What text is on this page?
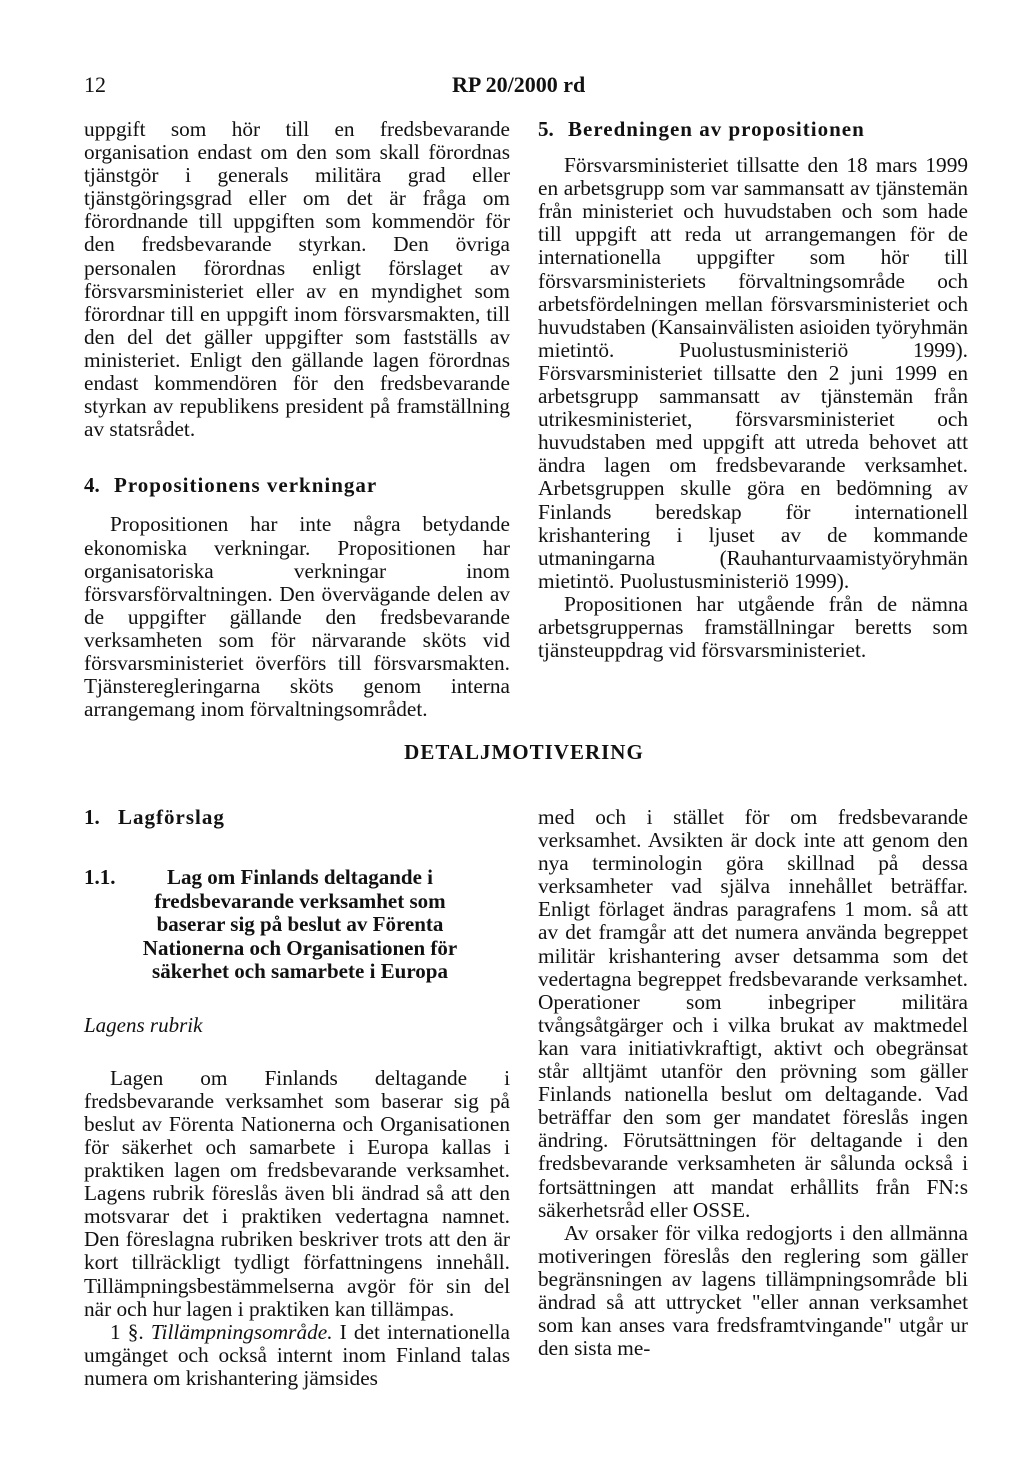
12	RP 20/2000 rd

uppgift som hör till en fredsbevarande organisation endast om den som skall förordnas tjänstgör i generals militära grad eller tjänstgöringsgrad eller om det är fråga om förordnande till uppgiften som kommendör för den fredsbevarande styrkan. Den övriga personalen förordnas enligt förslaget av försvarsministeriet eller av en myndighet som förordnar till en uppgift inom försvarsmakten, till den del det gäller uppgifter som fastställs av ministeriet. Enligt den gällande lagen förordnas endast kommendören för den fredsbevarande styrkan av republikens president på framställning av statsrådet.

4. Propositionens verkningar

Propositionen har inte några betydande ekonomiska verkningar. Propositionen har organisatoriska verkningar inom försvarsförvaltningen. Den övervägande delen av de uppgifter gällande den fredsbevarande verksamheten som för närvarande sköts vid försvarsministeriet överförs till försvarsmakten. Tjänsteregleringarna sköts genom interna arrangemang inom förvaltningsområdet.

5. Beredningen av propositionen

Försvarsministeriet tillsatte den 18 mars 1999 en arbetsgrupp som var sammansatt av tjänstemän från ministeriet och huvudstaben och som hade till uppgift att reda ut arrangemangen för de internationella uppgifter som hör till försvarsministeriets förvaltningsområde och arbetsfördelningen mellan försvarsministeriet och huvudstaben (Kansainvälisten asioiden työryhmän mietintö. Puolustusministeriö 1999). Försvarsministeriet tillsatte den 2 juni 1999 en arbetsgrupp sammansatt av tjänstemän från utrikesministeriet, försvarsministeriet och huvudstaben med uppgift att utreda behovet att ändra lagen om fredsbevarande verksamhet. Arbetsgruppen skulle göra en bedömning av Finlands beredskap för internationell krishantering i ljuset av de kommande utmaningarna (Rauhanturvaamistyöryhmän mietintö. Puolustusministeriö 1999).

Propositionen har utgående från de nämna arbetsgruppernas framställningar beretts som tjänsteuppdrag vid försvarsministeriet.

DETALJMOTIVERING
1. Lagförslag
1.1.	Lag om Finlands deltagande i fredsbevarande verksamhet som baserar sig på beslut av Förenta Nationerna och Organisationen för säkerhet och samarbete i Europa
Lagens rubrik

Lagen om Finlands deltagande i fredsbevarande verksamhet som baserar sig på beslut av Förenta Nationerna och Organisationen för säkerhet och samarbete i Europa kallas i praktiken lagen om fredsbevarande verksamhet. Lagens rubrik föreslås även bli ändrad så att den motsvarar det i praktiken vedertagna namnet. Den föreslagna rubriken beskriver trots att den är kort tillräckligt tydligt författningens innehåll. Tillämpningsbestämmelserna avgör för sin del när och hur lagen i praktiken kan tillämpas.

1 §. Tillämpningsområde. I det internationella umgänget och också internt inom Finland talas numera om krishantering jämsides

med och i stället för om fredsbevarande verksamhet. Avsikten är dock inte att genom den nya terminologin göra skillnad på dessa verksamheter vad själva innehållet beträffar. Enligt förlaget ändras paragrafens 1 mom. så att av det framgår att det numera använda begreppet militär krishantering avser detsamma som det vedertagna begreppet fredsbevarande verksamhet. Operationer som inbegriper militära tvångsåtgärger och i vilka brukat av maktmedel kan vara initiativkraftigt, aktivt och obegränsat står alltjämt utanför den prövning som gäller Finlands nationella beslut om deltagande. Vad beträffar den som ger mandatet föreslås ingen ändring. Förutsättningen för deltagande i den fredsbevarande verksamheten är sålunda också i fortsättningen att mandat erhållits från FN:s säkerhetsråd eller OSSE.

Av orsaker för vilka redogjorts i den allmänna motiveringen föreslås den reglering som gäller begränsningen av lagens tillämpningsområde bli ändrad så att uttrycket "eller annan verksamhet som kan anses vara fredsframtvingande" utgår ur den sista me-
